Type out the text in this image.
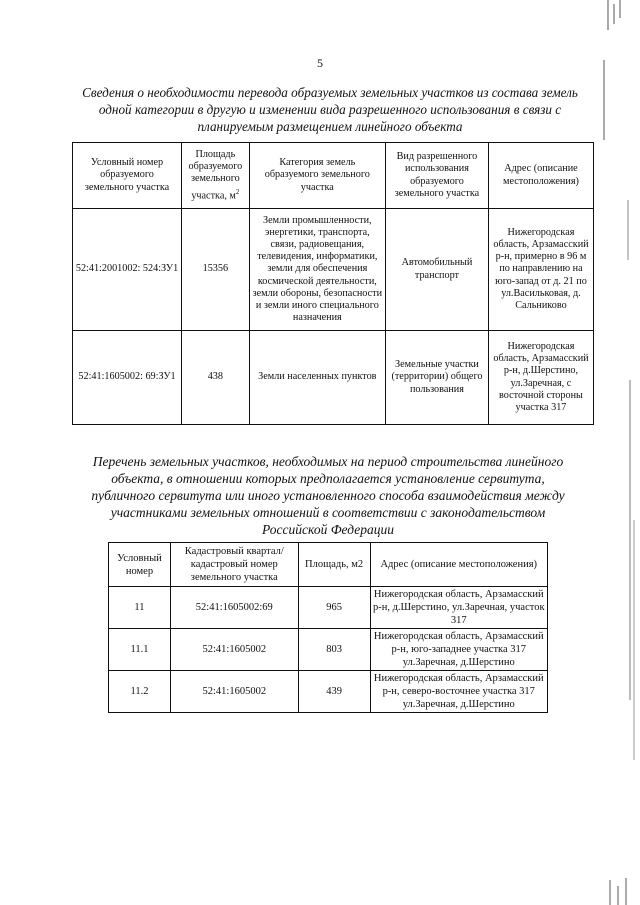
5
Сведения о необходимости перевода образуемых земельных участков из состава земель одной категории в другую и изменении вида разрешенного использования в связи с планируемым размещением линейного объекта
Условный номер образуемого земельного участка	Площадь образуемого земельного участка, $м^2$	Категория земель образуемого земельного участка	Вид разрешенного использования образуемого земельного участка	Адрес (описание местоположения)
52:41:2001002: 524:ЗУ1	15356	Земли промышленности, энергетики, транспорта, связи, радиовещания, телевидения, информатики, земли для обеспечения космической деятельности, земли обороны, безопасности и земли иного специального назначения	Автомобильный транспорт	Нижегородская область, Арзамасский р-н, примерно в 96 м по направлению на юго-запад от д. 21 по ул.Васильковая, д. Сальниково
52:41:1605002: 69:ЗУ1	438	Земли населенных пунктов	Земельные участки (территории) общего пользования	Нижегородская область, Арзамасский р-н, д.Шерстино, ул.Заречная, с восточной стороны участка 317
Перечень земельных участков, необходимых на период строительства линейного объекта, в отношении которых предполагается установление сервитута, публичного сервитута или иного установленного способа взаимодействия между участниками земельных отношений в соответствии с законодательством Российской Федерации
Условный номер	Кадастровый квартал/ кадастровый номер земельного участка	Площадь, м2	Адрес (описание местоположения)
11	52:41:1605002:69	965	Нижегородская область, Арзамасский р-н, д.Шерстино, ул.Заречная, участок 317
11.1	52:41:1605002	803	Нижегородская область, Арзамасский р-н, юго-западнее участка 317 ул.Заречная, д.Шерстино
11.2	52:41:1605002	439	Нижегородская область, Арзамасский р-н, северо-восточнее участка 317 ул.Заречная, д.Шерстино
